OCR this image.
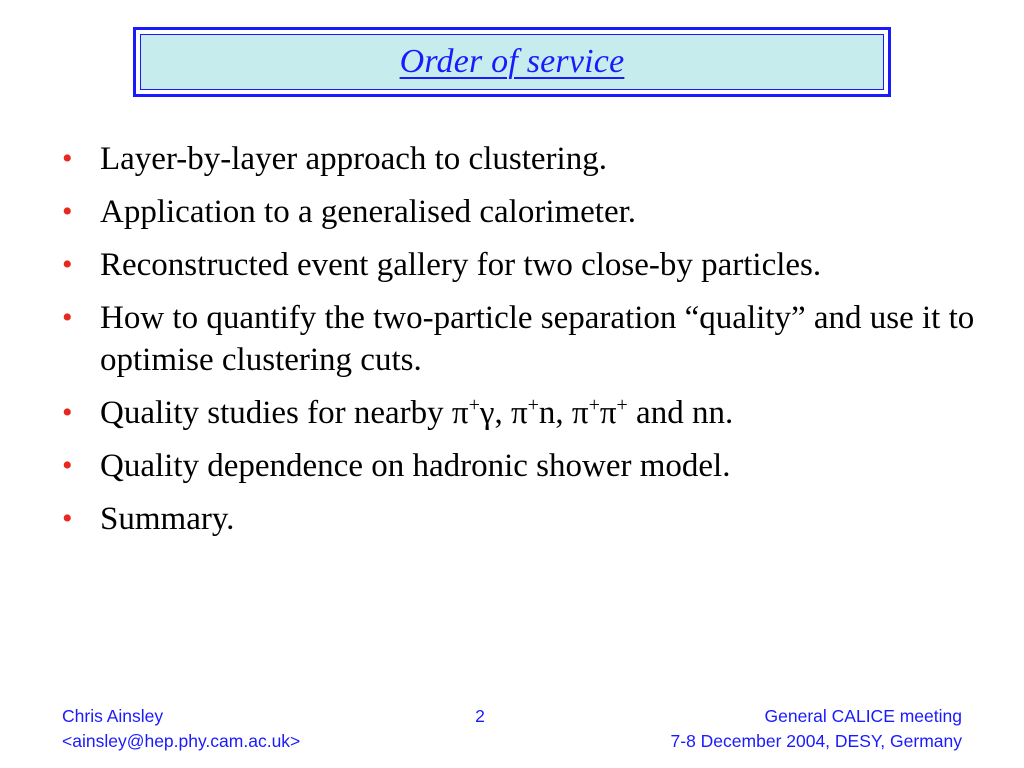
Order of service
• Layer-by-layer approach to clustering.
• Application to a generalised calorimeter.
• Reconstructed event gallery for two close-by particles.
• How to quantify the two-particle separation “quality” and use it to optimise clustering cuts.
• Quality studies for nearby π+γ, π+n, π+π+ and nn.
• Quality dependence on hadronic shower model.
• Summary.
Chris Ainsley
<ainsley@hep.phy.cam.ac.uk>
2	General CALICE meeting
7-8 December 2004, DESY, Germany
